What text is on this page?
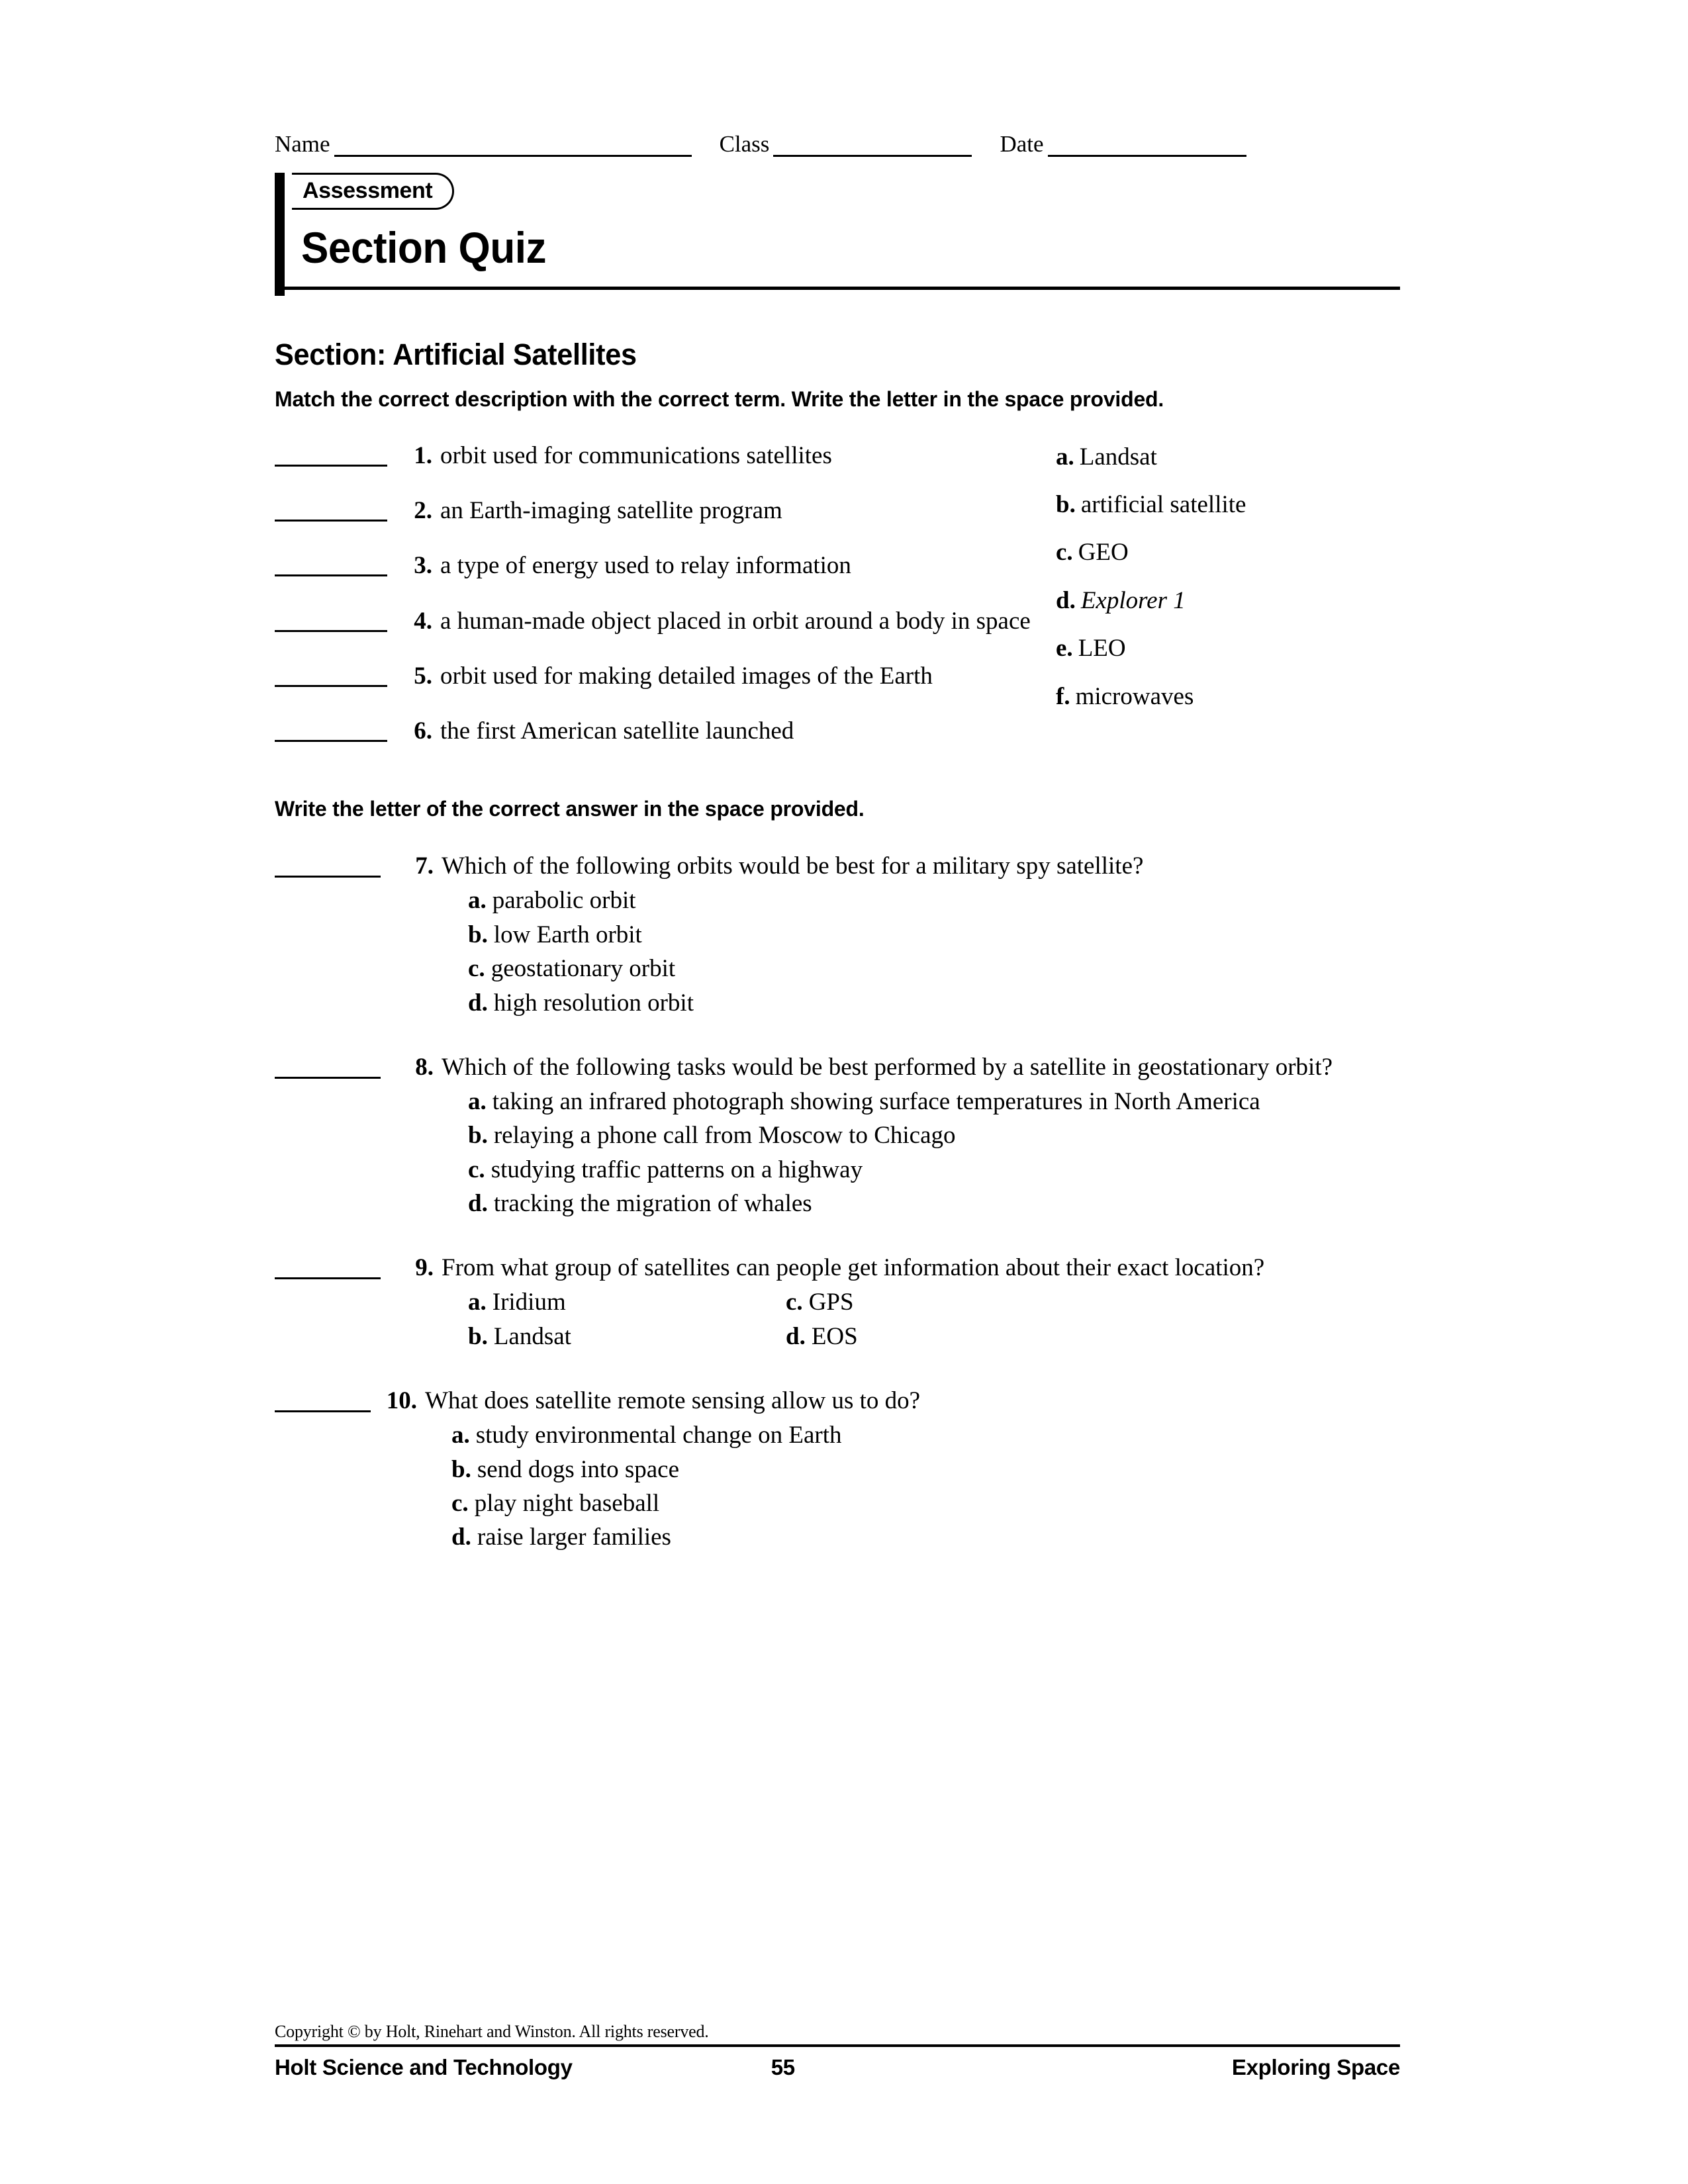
Name	Class	Date
Assessment
Section Quiz
Section: Artificial Satellites
Match the correct description with the correct term. Write the letter in the space provided.
1. orbit used for communications satellites
2. an Earth-imaging satellite program
3. a type of energy used to relay information
4. a human-made object placed in orbit around a body in space
5. orbit used for making detailed images of the Earth
6. the first American satellite launched
a. Landsat
b. artificial satellite
c. GEO
d. Explorer 1
e. LEO
f. microwaves
Write the letter of the correct answer in the space provided.
7. Which of the following orbits would be best for a military spy satellite?
a. parabolic orbit
b. low Earth orbit
c. geostationary orbit
d. high resolution orbit
8. Which of the following tasks would be best performed by a satellite in geostationary orbit?
a. taking an infrared photograph showing surface temperatures in North America
b. relaying a phone call from Moscow to Chicago
c. studying traffic patterns on a highway
d. tracking the migration of whales
9. From what group of satellites can people get information about their exact location?
a. Iridium	c. GPS
b. Landsat	d. EOS
10. What does satellite remote sensing allow us to do?
a. study environmental change on Earth
b. send dogs into space
c. play night baseball
d. raise larger families
Copyright © by Holt, Rinehart and Winston. All rights reserved.
Holt Science and Technology	55	Exploring Space
